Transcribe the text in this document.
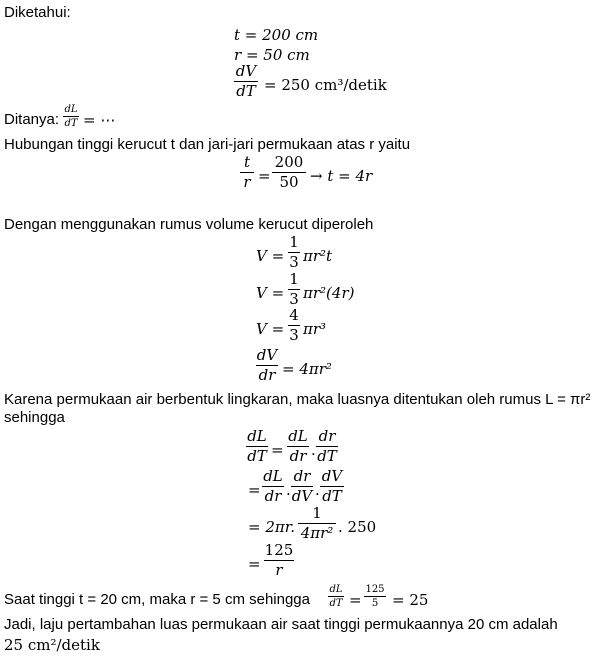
Diketahui:
t = 200 cm
r = 50 cm
dV
dT = 250 cm³/detik
Ditanya:
dL
dT = ⋯
Hubungan tinggi kerucut t dan jari-jari permukaan atas r yaitu
t
r =
200
50 → t = 4r
Dengan menggunakan rumus volume kerucut diperoleh
V =
1
3 πr²t
V =
1
3 πr²(4r)
V =
4
3 πr³
dV
dr = 4πr²
Karena permukaan air berbentuk lingkaran, maka luasnya ditentukan oleh rumus L = πr²
sehingga
dL
dT =
dL
dr .
dr
dT
=
dL
dr .
dr
dV .
dV
dT
= 2πr.
1
4πr² . 250
=
125
r
Saat tinggi t = 20 cm, maka r = 5 cm sehingga
dL
dT =
125
5 = 25
Jadi, laju pertambahan luas permukaan air saat tinggi permukaannya 20 cm adalah
25 cm²/detik
